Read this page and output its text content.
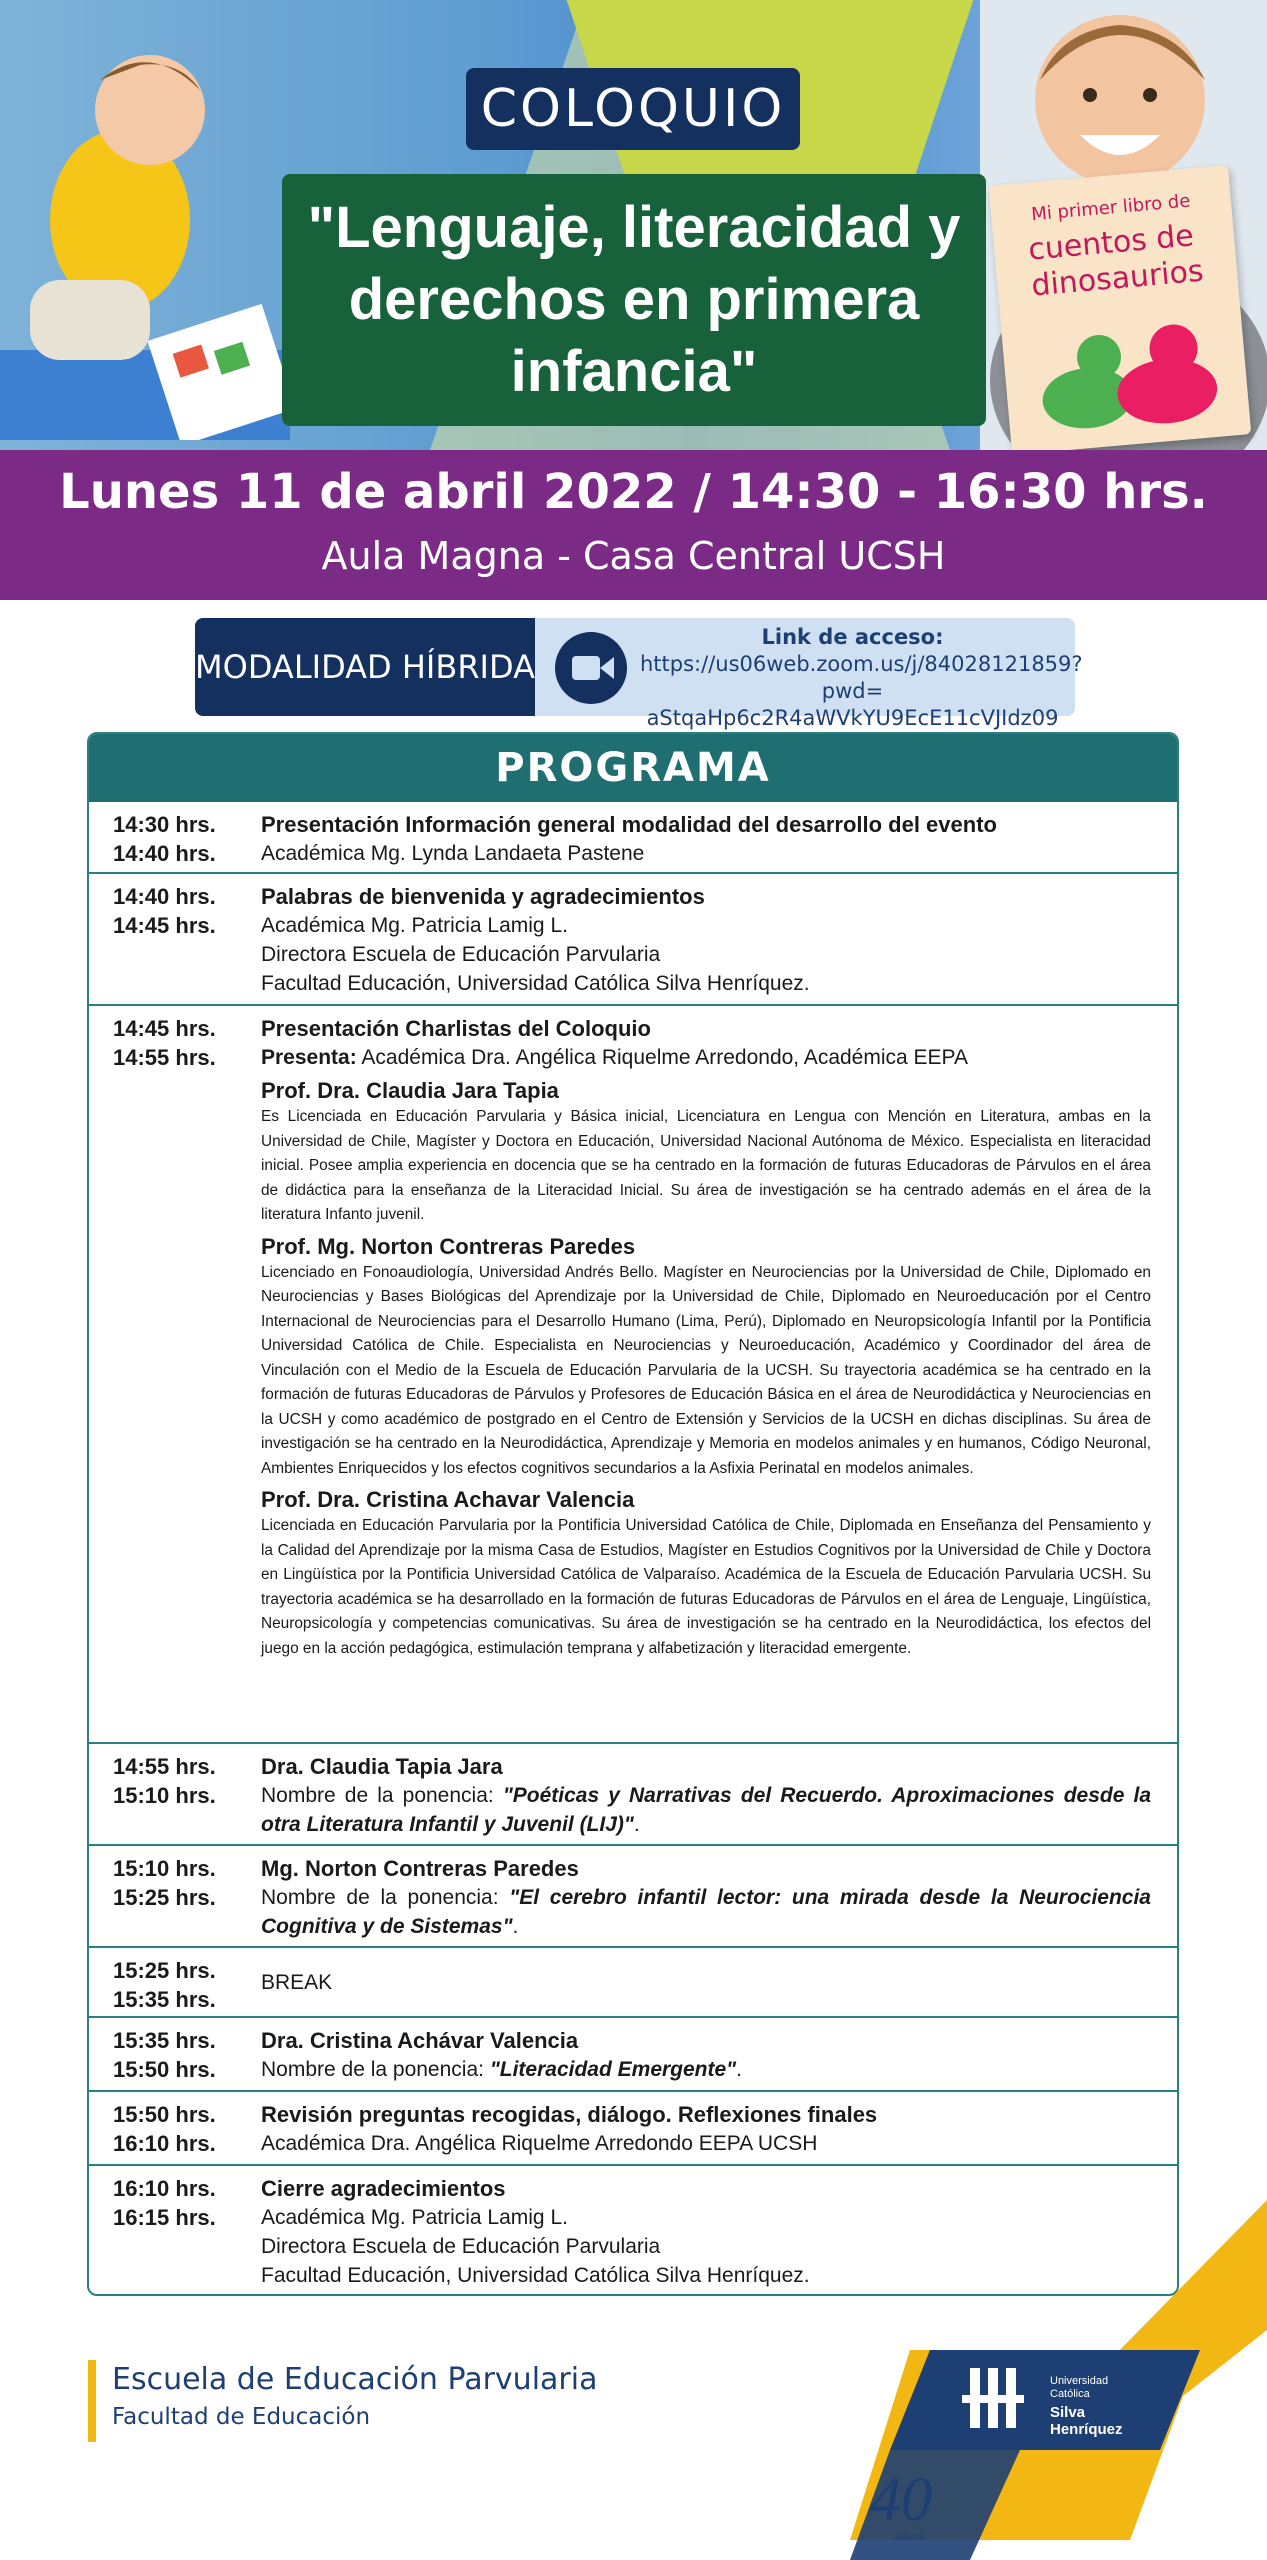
Mi primer libro de
cuentos de dinosaurios
COLOQUIO
"Lenguaje, literacidad y derechos en primera infancia"
Lunes 11 de abril 2022 / 14:30 - 16:30 hrs.
Aula Magna - Casa Central UCSH
MODALIDAD HÍBRIDA
Link de acceso:
https://us06web.zoom.us/j/84028121859?pwd=
aStqaHp6c2R4aWVkYU9EcE11cVJIdz09
PROGRAMA
14:30 hrs.
14:40 hrs.
Presentación Información general modalidad del desarrollo del evento
Académica Mg. Lynda Landaeta Pastene
14:40 hrs.
14:45 hrs.
Palabras de bienvenida y agradecimientos
Académica Mg. Patricia Lamig L.
Directora Escuela de Educación Parvularia
Facultad Educación, Universidad Católica Silva Henríquez.
14:45 hrs.
14:55 hrs.
Presentación Charlistas del Coloquio
Presenta: Académica Dra. Angélica Riquelme Arredondo, Académica EEPA
Prof. Dra. Claudia Jara Tapia
Es Licenciada en Educación Parvularia y Básica inicial, Licenciatura en Lengua con Mención en Literatura, ambas en la Universidad de Chile, Magíster y Doctora en Educación, Universidad Nacional Autónoma de México. Especialista en literacidad inicial. Posee amplia experiencia en docencia que se ha centrado en la formación de futuras Educadoras de Párvulos en el área de didáctica para la enseñanza de la Literacidad Inicial. Su área de investigación se ha centrado además en el área de la literatura Infanto juvenil.
Prof. Mg. Norton Contreras Paredes
Licenciado en Fonoaudiología, Universidad Andrés Bello. Magíster en Neurociencias por la Universidad de Chile, Diplomado en Neurociencias y Bases Biológicas del Aprendizaje por la Universidad de Chile, Diplomado en Neuroeducación por el Centro Internacional de Neurociencias para el Desarrollo Humano (Lima, Perú), Diplomado en Neuropsicología Infantil por la Pontificia Universidad Católica de Chile. Especialista en Neurociencias y Neuroeducación, Académico y Coordinador del área de Vinculación con el Medio de la Escuela de Educación Parvularia de la UCSH. Su trayectoria académica se ha centrado en la formación de futuras Educadoras de Párvulos y Profesores de Educación Básica en el área de Neurodidáctica y Neurociencias en la UCSH y como académico de postgrado en el Centro de Extensión y Servicios de la UCSH en dichas disciplinas. Su área de investigación se ha centrado en la Neurodidáctica, Aprendizaje y Memoria en modelos animales y en humanos, Código Neuronal, Ambientes Enriquecidos y los efectos cognitivos secundarios a la Asfixia Perinatal en modelos animales.
Prof. Dra. Cristina Achavar Valencia
Licenciada en Educación Parvularia por la Pontificia Universidad Católica de Chile, Diplomada en Enseñanza del Pensamiento y la Calidad del Aprendizaje por la misma Casa de Estudios, Magíster en Estudios Cognitivos por la Universidad de Chile y Doctora en Lingüística por la Pontificia Universidad Católica de Valparaíso. Académica de la Escuela de Educación Parvularia UCSH. Su trayectoria académica se ha desarrollado en la formación de futuras Educadoras de Párvulos en el área de Lenguaje, Lingüística, Neuropsicología y competencias comunicativas. Su área de investigación se ha centrado en la Neurodidáctica, los efectos del juego en la acción pedagógica, estimulación temprana y alfabetización y literacidad emergente.
14:55 hrs.
15:10 hrs.
Dra. Claudia Tapia Jara
Nombre de la ponencia: "Poéticas y Narrativas del Recuerdo. Aproximaciones desde la otra Literatura Infantil y Juvenil (LIJ)".
15:10 hrs.
15:25 hrs.
Mg. Norton Contreras Paredes
Nombre de la ponencia: "El cerebro infantil lector: una mirada desde la Neurociencia Cognitiva y de Sistemas".
15:25 hrs.
15:35 hrs.
BREAK
15:35 hrs.
15:50 hrs.
Dra. Cristina Achávar Valencia
Nombre de la ponencia: "Literacidad Emergente".
15:50 hrs.
16:10 hrs.
Revisión preguntas recogidas, diálogo. Reflexiones finales
Académica Dra. Angélica Riquelme Arredondo EEPA UCSH
16:10 hrs.
16:15 hrs.
Cierre agradecimientos
Académica Mg. Patricia Lamig L.
Directora Escuela de Educación Parvularia
Facultad Educación, Universidad Católica Silva Henríquez.
Escuela de Educación Parvularia
Facultad de Educación
Universidad
Católica
Silva
Henríquez
40
AÑOS
